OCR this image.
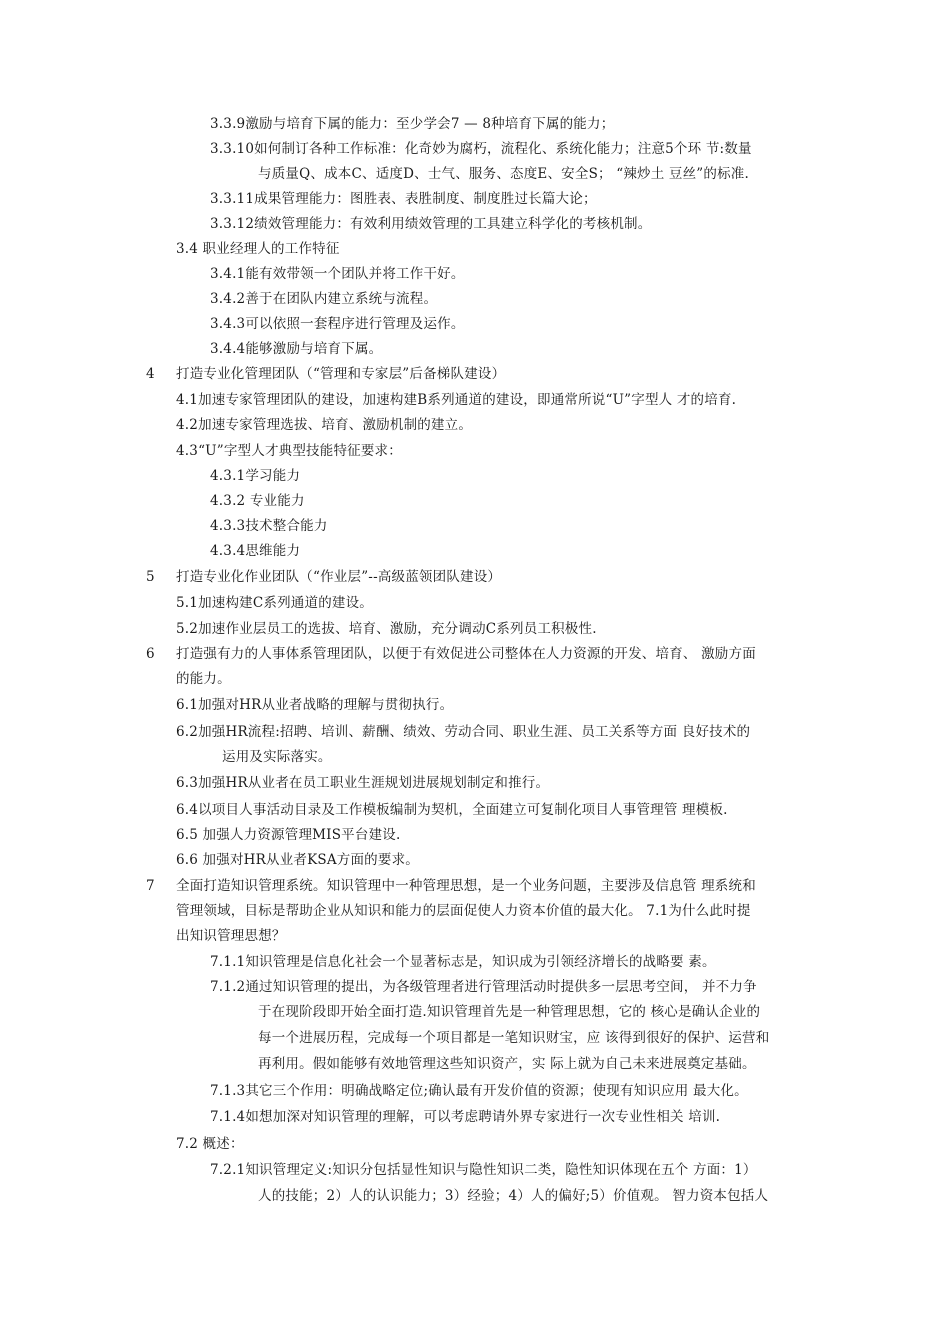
3.3.9激励与培育下属的能力：至少学会7 — 8种培育下属的能力；
3.3.10如何制订各种工作标准：化奇妙为腐朽，流程化、系统化能力；注意5个环 节:数量
与质量Q、成本C、适度D、士气、服务、态度E、安全S； “辣炒土 豆丝”的标准.
3.3.11成果管理能力：图胜表、表胜制度、制度胜过长篇大论；
3.3.12绩效管理能力：有效利用绩效管理的工具建立科学化的考核机制。
3.4 职业经理人的工作特征
3.4.1能有效带领一个团队并将工作干好。
3.4.2善于在团队内建立系统与流程。
3.4.3可以依照一套程序进行管理及运作。
3.4.4能够激励与培育下属。
4 打造专业化管理团队（“管理和专家层”后备梯队建设）
4.1加速专家管理团队的建设，加速构建B系列通道的建设，即通常所说“U”字型人 才的培育.
4.2加速专家管理选拔、培育、激励机制的建立。
4.3“U”字型人才典型技能特征要求：
4.3.1学习能力
4.3.2 专业能力
4.3.3技术整合能力
4.3.4思维能力
5 打造专业化作业团队（“作业层”--高级蓝领团队建设）
5.1加速构建C系列通道的建设。
5.2加速作业层员工的选拔、培育、激励，充分调动C系列员工积极性.
6 打造强有力的人事体系管理团队，以便于有效促进公司整体在人力资源的开发、培育、 激励方面
的能力。
6.1加强对HR从业者战略的理解与贯彻执行。
6.2加强HR流程:招聘、培训、薪酬、绩效、劳动合同、职业生涯、员工关系等方面 良好技术的
运用及实际落实。
6.3加强HR从业者在员工职业生涯规划进展规划制定和推行。
6.4以项目人事活动目录及工作模板编制为契机，全面建立可复制化项目人事管理管 理模板.
6.5 加强人力资源管理MIS平台建设.
6.6 加强对HR从业者KSA方面的要求。
7 全面打造知识管理系统。知识管理中一种管理思想，是一个业务问题，主要涉及信息管 理系统和
管理领域，目标是帮助企业从知识和能力的层面促使人力资本价值的最大化。 7.1为什么此时提
出知识管理思想？
7.1.1知识管理是信息化社会一个显著标志是，知识成为引领经济增长的战略要 素。
7.1.2通过知识管理的提出，为各级管理者进行管理活动时提供多一层思考空间， 并不力争
于在现阶段即开始全面打造.知识管理首先是一种管理思想，它的 核心是确认企业的
每一个进展历程，完成每一个项目都是一笔知识财宝，应 该得到很好的保护、运营和
再利用。假如能够有效地管理这些知识资产，实 际上就为自己未来进展奠定基础。
7.1.3其它三个作用：明确战略定位;确认最有开发价值的资源；使现有知识应用 最大化。
7.1.4如想加深对知识管理的理解，可以考虑聘请外界专家进行一次专业性相关 培训.
7.2 概述：
7.2.1知识管理定义:知识分包括显性知识与隐性知识二类，隐性知识体现在五个 方面：1）
人的技能；2）人的认识能力；3）经验；4）人的偏好;5）价值观。 智力资本包括人
